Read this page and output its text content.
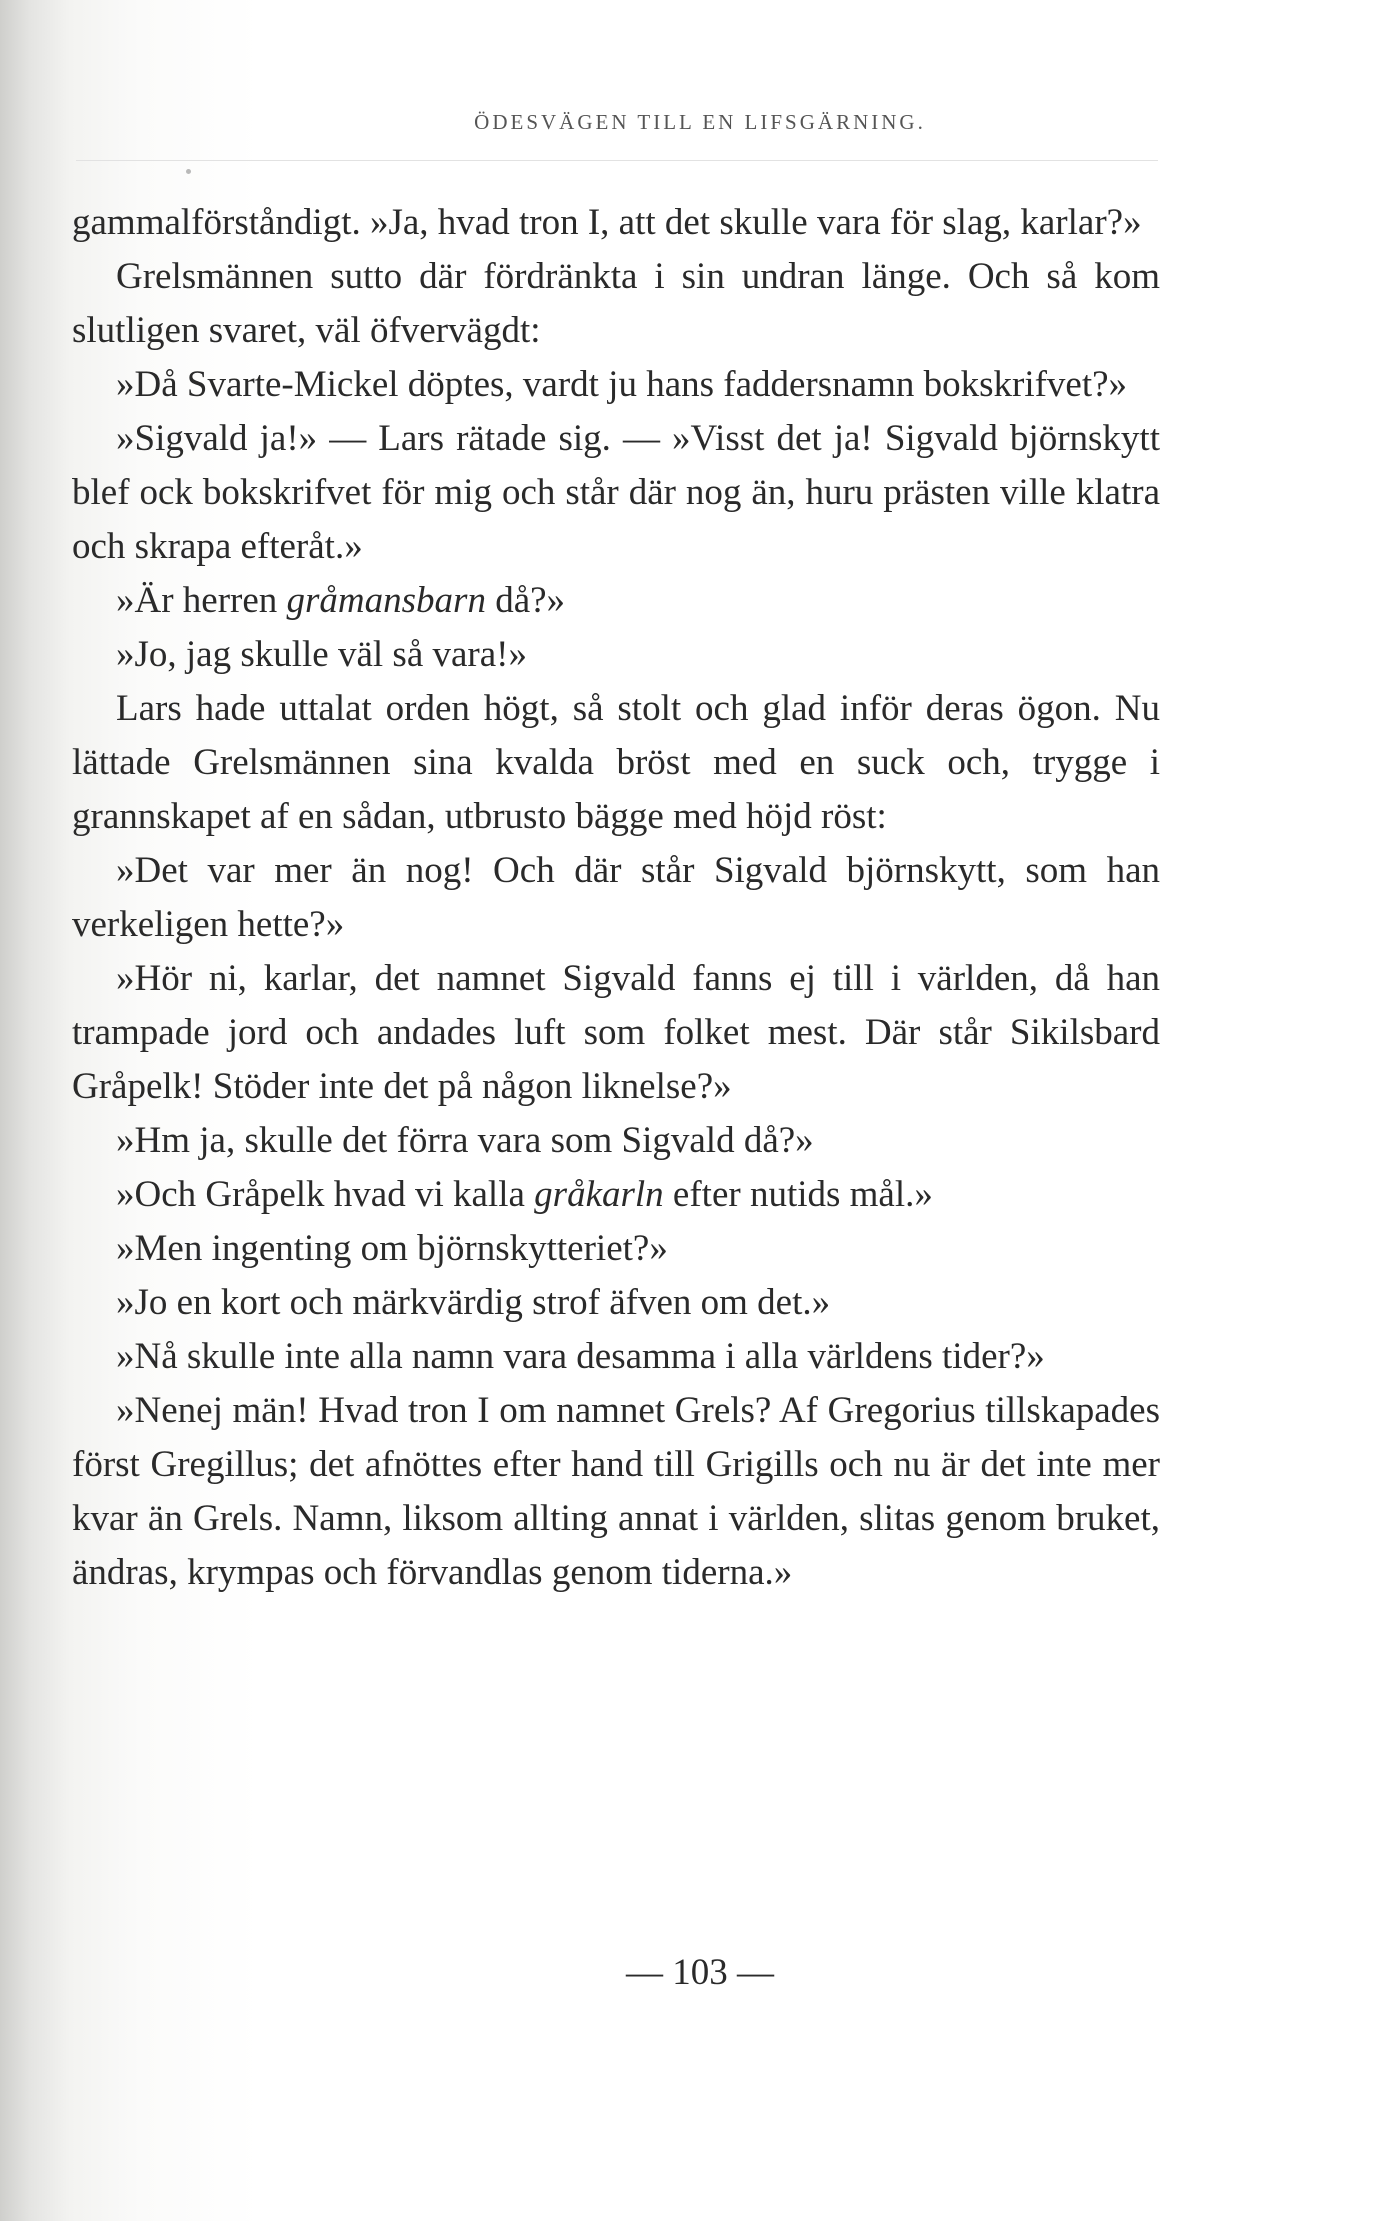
ÖDESVÄGEN TILL EN LIFSGÄRNING.

gammalförståndigt. »Ja, hvad tron I, att det skulle vara för slag, karlar?»

Grelsmännen sutto där fördränkta i sin undran länge. Och så kom slutligen svaret, väl öfvervägdt:

»Då Svarte-Mickel döptes, vardt ju hans faddersnamn bokskrifvet?»

»Sigvald ja!» — Lars rätade sig. — »Visst det ja! Sigvald björnskytt blef ock bokskrifvet för mig och står där nog än, huru prästen ville klatra och skrapa efteråt.»

»Är herren gråmansbarn då?»

»Jo, jag skulle väl så vara!»

Lars hade uttalat orden högt, så stolt och glad inför deras ögon. Nu lättade Grelsmännen sina kvalda bröst med en suck och, trygge i grannskapet af en sådan, utbrusto bägge med höjd röst:

»Det var mer än nog! Och där står Sigvald björnskytt, som han verkeligen hette?»

»Hör ni, karlar, det namnet Sigvald fanns ej till i världen, då han trampade jord och andades luft som folket mest. Där står Sikilsbard Gråpelk! Stöder inte det på någon liknelse?»

»Hm ja, skulle det förra vara som Sigvald då?»

»Och Gråpelk hvad vi kalla gråkarln efter nutids mål.»

»Men ingenting om björnskytteriet?»

»Jo en kort och märkvärdig strof äfven om det.»

»Nå skulle inte alla namn vara desamma i alla världens tider?»

»Nenej män! Hvad tron I om namnet Grels? Af Gregorius tillskapades först Gregillus; det afnöttes efter hand till Grigills och nu är det inte mer kvar än Grels. Namn, liksom allting annat i världen, slitas genom bruket, ändras, krympas och förvandlas genom tiderna.»

— 103 —
